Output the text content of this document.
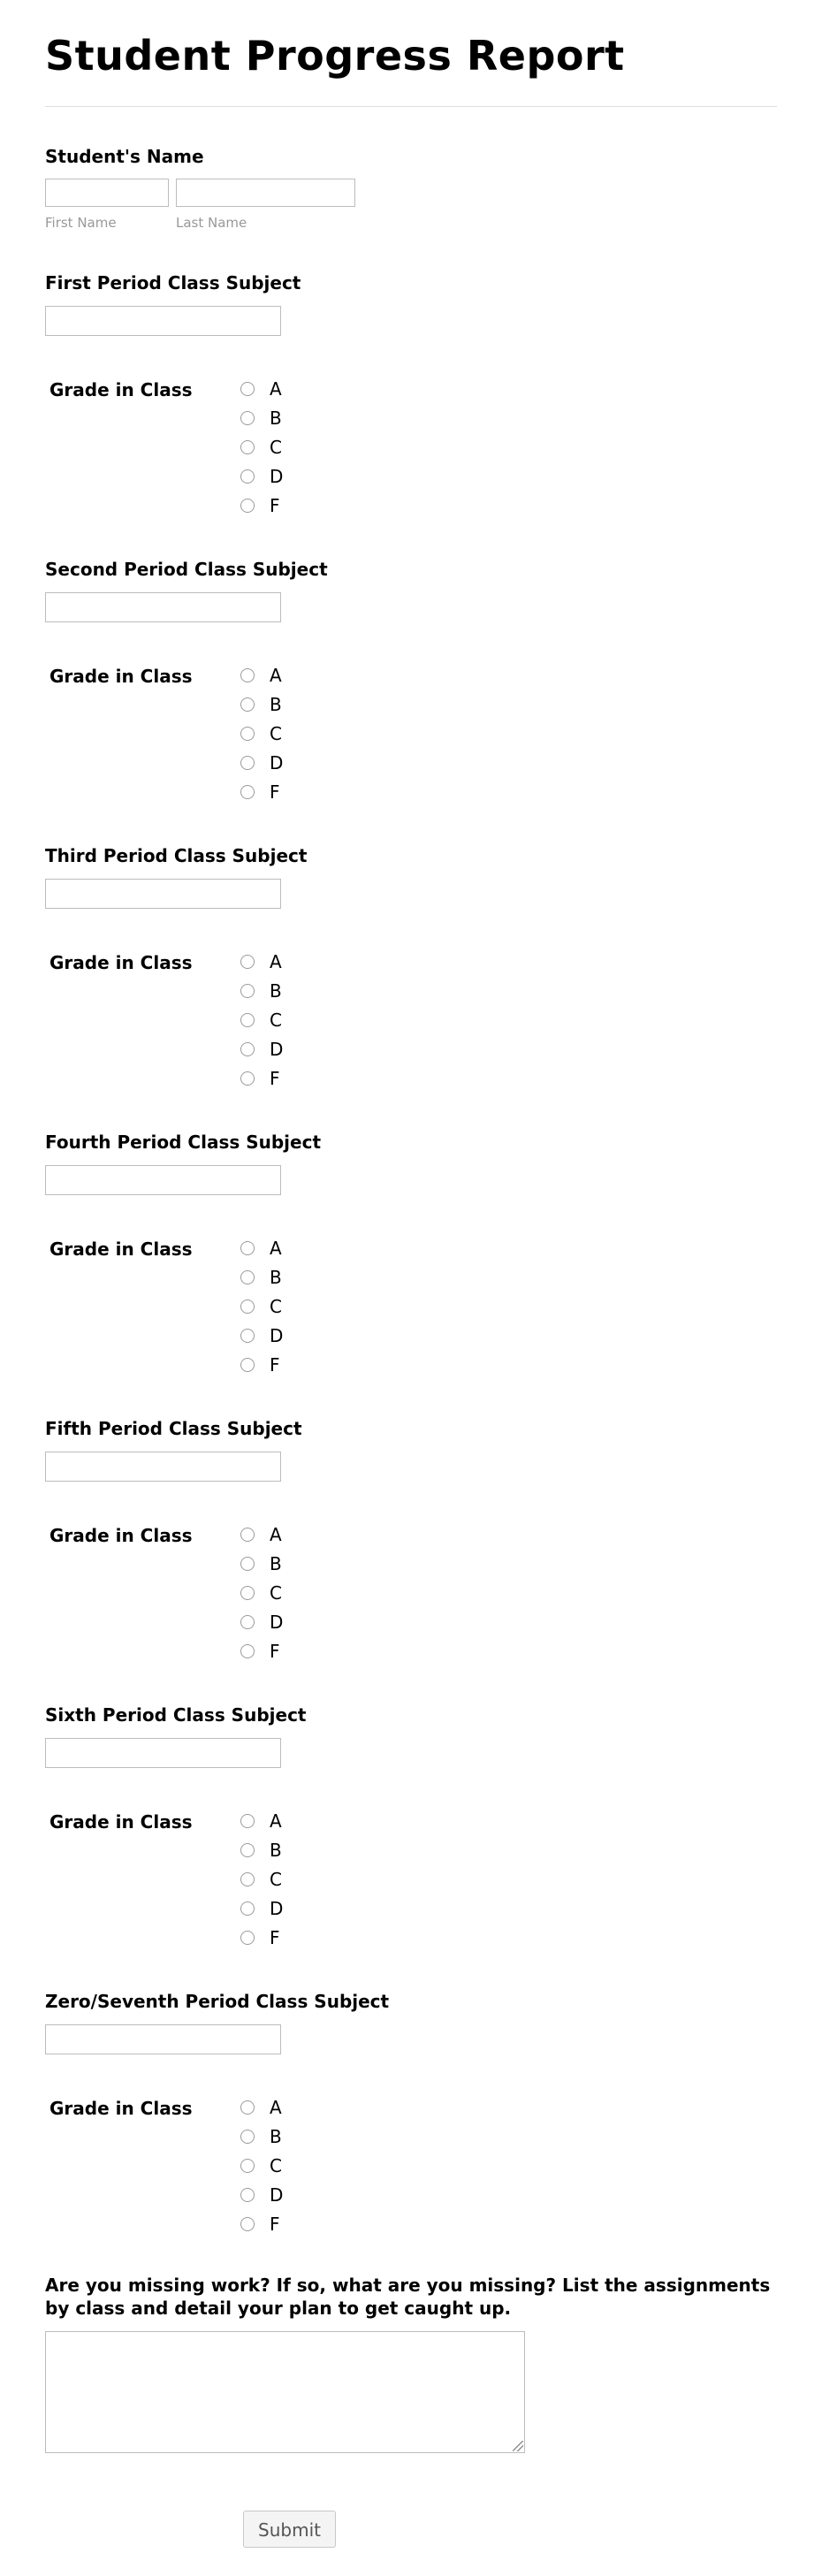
Student Progress Report
Student's Name
First Name	Last Name
First Period Class Subject
Grade in Class	A
B
C
D
F
Second Period Class Subject
Grade in Class	A
B
C
D
F
Third Period Class Subject
Grade in Class	A
B
C
D
F
Fourth Period Class Subject
Grade in Class	A
B
C
D
F
Fifth Period Class Subject
Grade in Class	A
B
C
D
F
Sixth Period Class Subject
Grade in Class	A
B
C
D
F
Zero/Seventh Period Class Subject
Grade in Class	A
B
C
D
F
Are you missing work? If so, what are you missing? List the assignments by class and detail your plan to get caught up.
Submit
